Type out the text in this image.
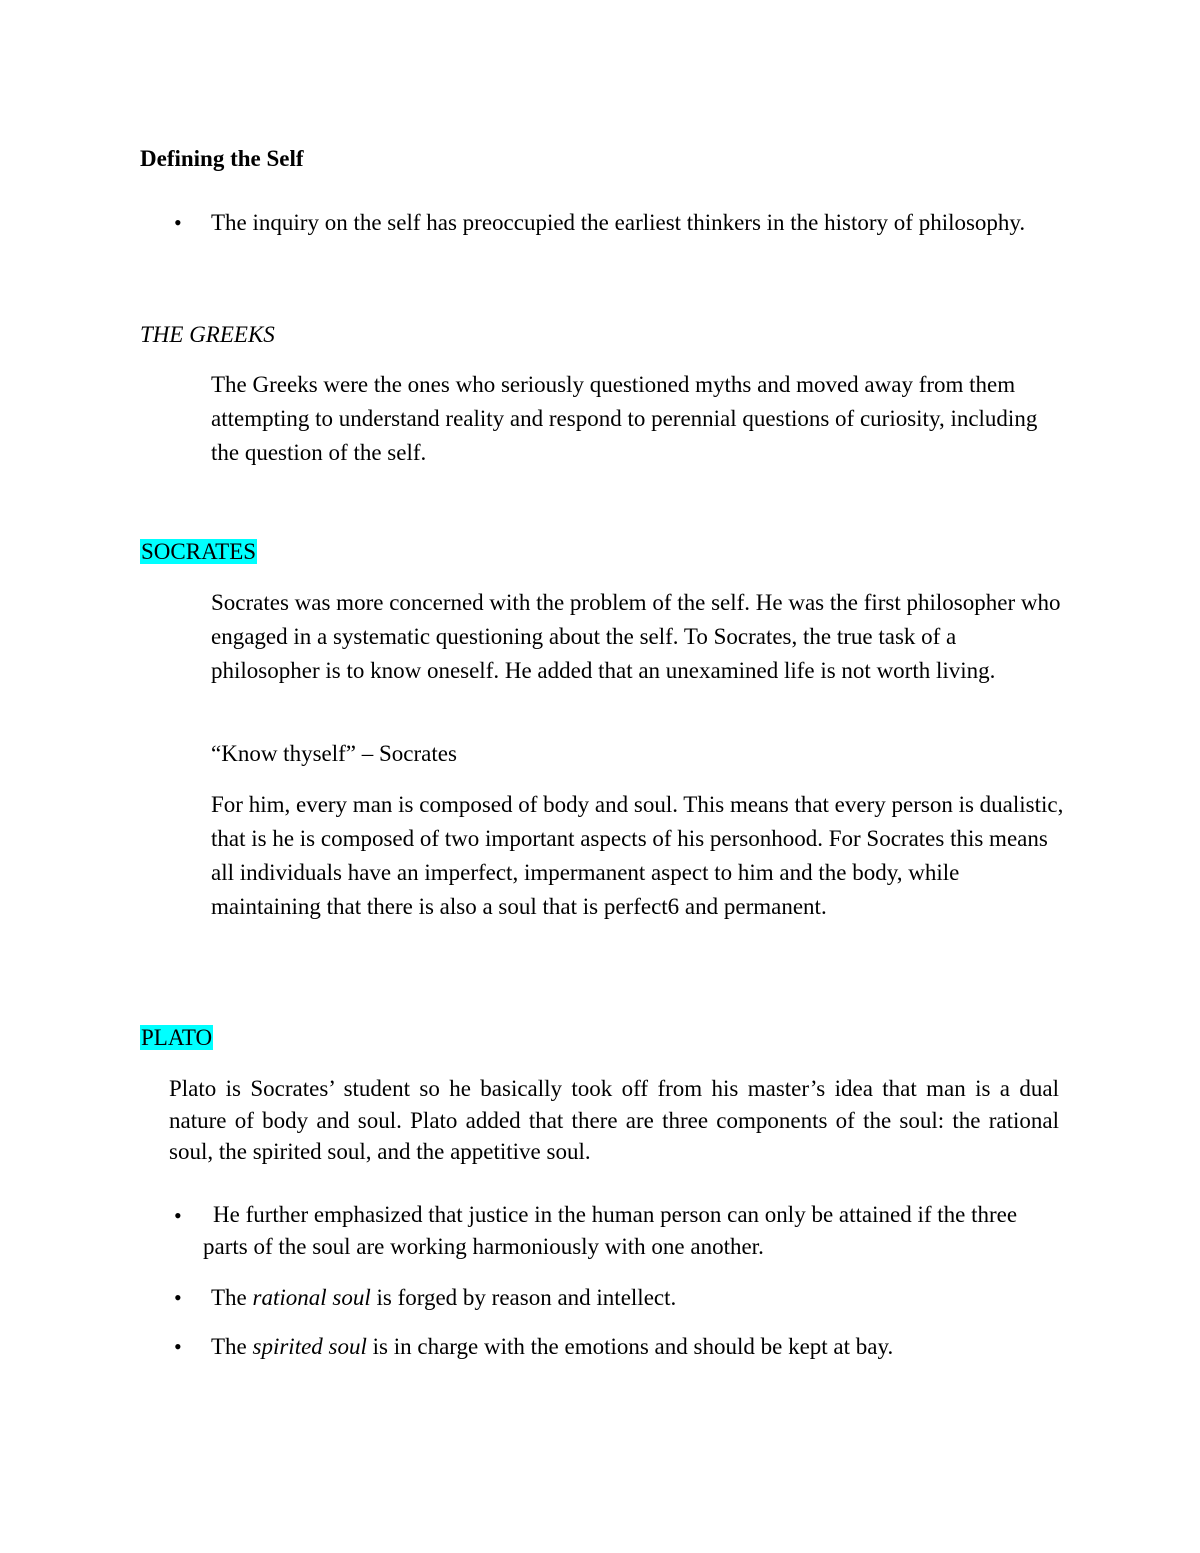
Defining the Self

• The inquiry on the self has preoccupied the earliest thinkers in the history of philosophy.

THE GREEKS

The Greeks were the ones who seriously questioned myths and moved away from them attempting to understand reality and respond to perennial questions of curiosity, including the question of the self.

SOCRATES

Socrates was more concerned with the problem of the self. He was the first philosopher who engaged in a systematic questioning about the self. To Socrates, the true task of a philosopher is to know oneself. He added that an unexamined life is not worth living.

“Know thyself” – Socrates

For him, every man is composed of body and soul. This means that every person is dualistic, that is he is composed of two important aspects of his personhood. For Socrates this means all individuals have an imperfect, impermanent aspect to him and the body, while maintaining that there is also a soul that is perfect6 and permanent.

PLATO

Plato is Socrates’ student so he basically took off from his master’s idea that man is a dual nature of body and soul. Plato added that there are three components of the soul: the rational soul, the spirited soul, and the appetitive soul.

•	He further emphasized that justice in the human person can only be attained if the three parts of the soul are working harmoniously with one another.
• The rational soul is forged by reason and intellect.
• The spirited soul is in charge with the emotions and should be kept at bay.
